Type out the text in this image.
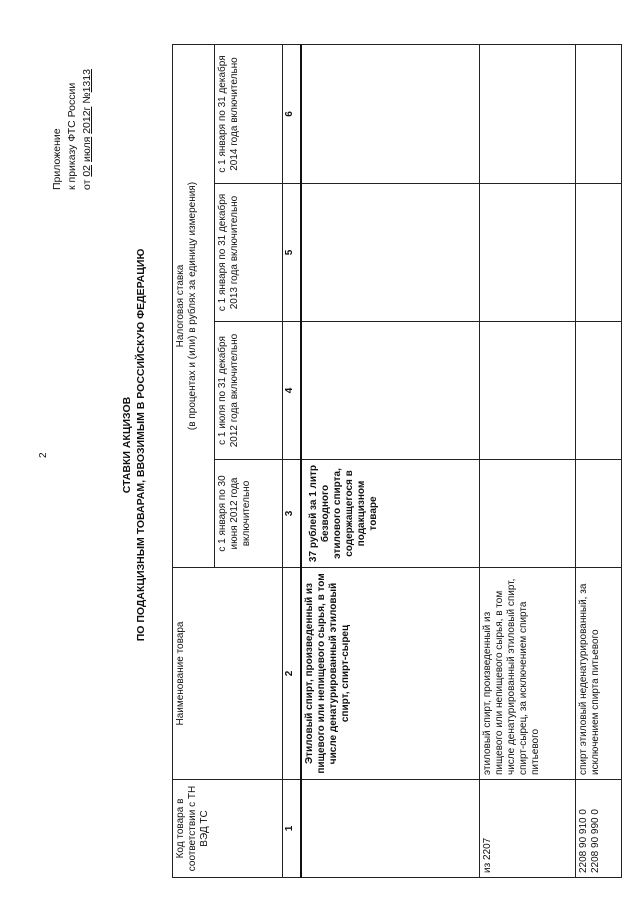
2
Приложение к приказу ФТС России от 02 июля 2012г №1313
СТАВКИ АКЦИЗОВ ПО ПОДАКЦИЗНЫМ ТОВАРАМ, ВВОЗИМЫМ В РОССИЙСКУЮ ФЕДЕРАЦИЮ
Код товара в соответствии с ТН ВЭД ТС	Наименование товара	Налоговая ставка (в процентах и (или) в рублях за единицу измерения)			

		с 1 января по 30 июня 2012 года включительно	с 1 июля по 31 декабря 2012 года включительно	с 1 января по 31 декабря 2013 года включительно	с 1 января по 31 декабря 2014 года включительно
1	2	3	4	5	6
	Этиловый спирт, произведенный из пищевого или непищевого сырья, в том числе денатурированный этиловый спирт, спирт-сырец	37 рублей за 1 литр безводного этилового спирта, содержащегося в подакцизном товаре			
из 2207	этиловый спирт, произведенный из пищевого или непищевого сырья, в том числе денатурированный этиловый спирт, спирт-сырец, за исключением спирта питьевого				

2208 90 910 0 2208 90 990 0	спирт этиловый неденатурированный, за исключением спирта питьевого				
